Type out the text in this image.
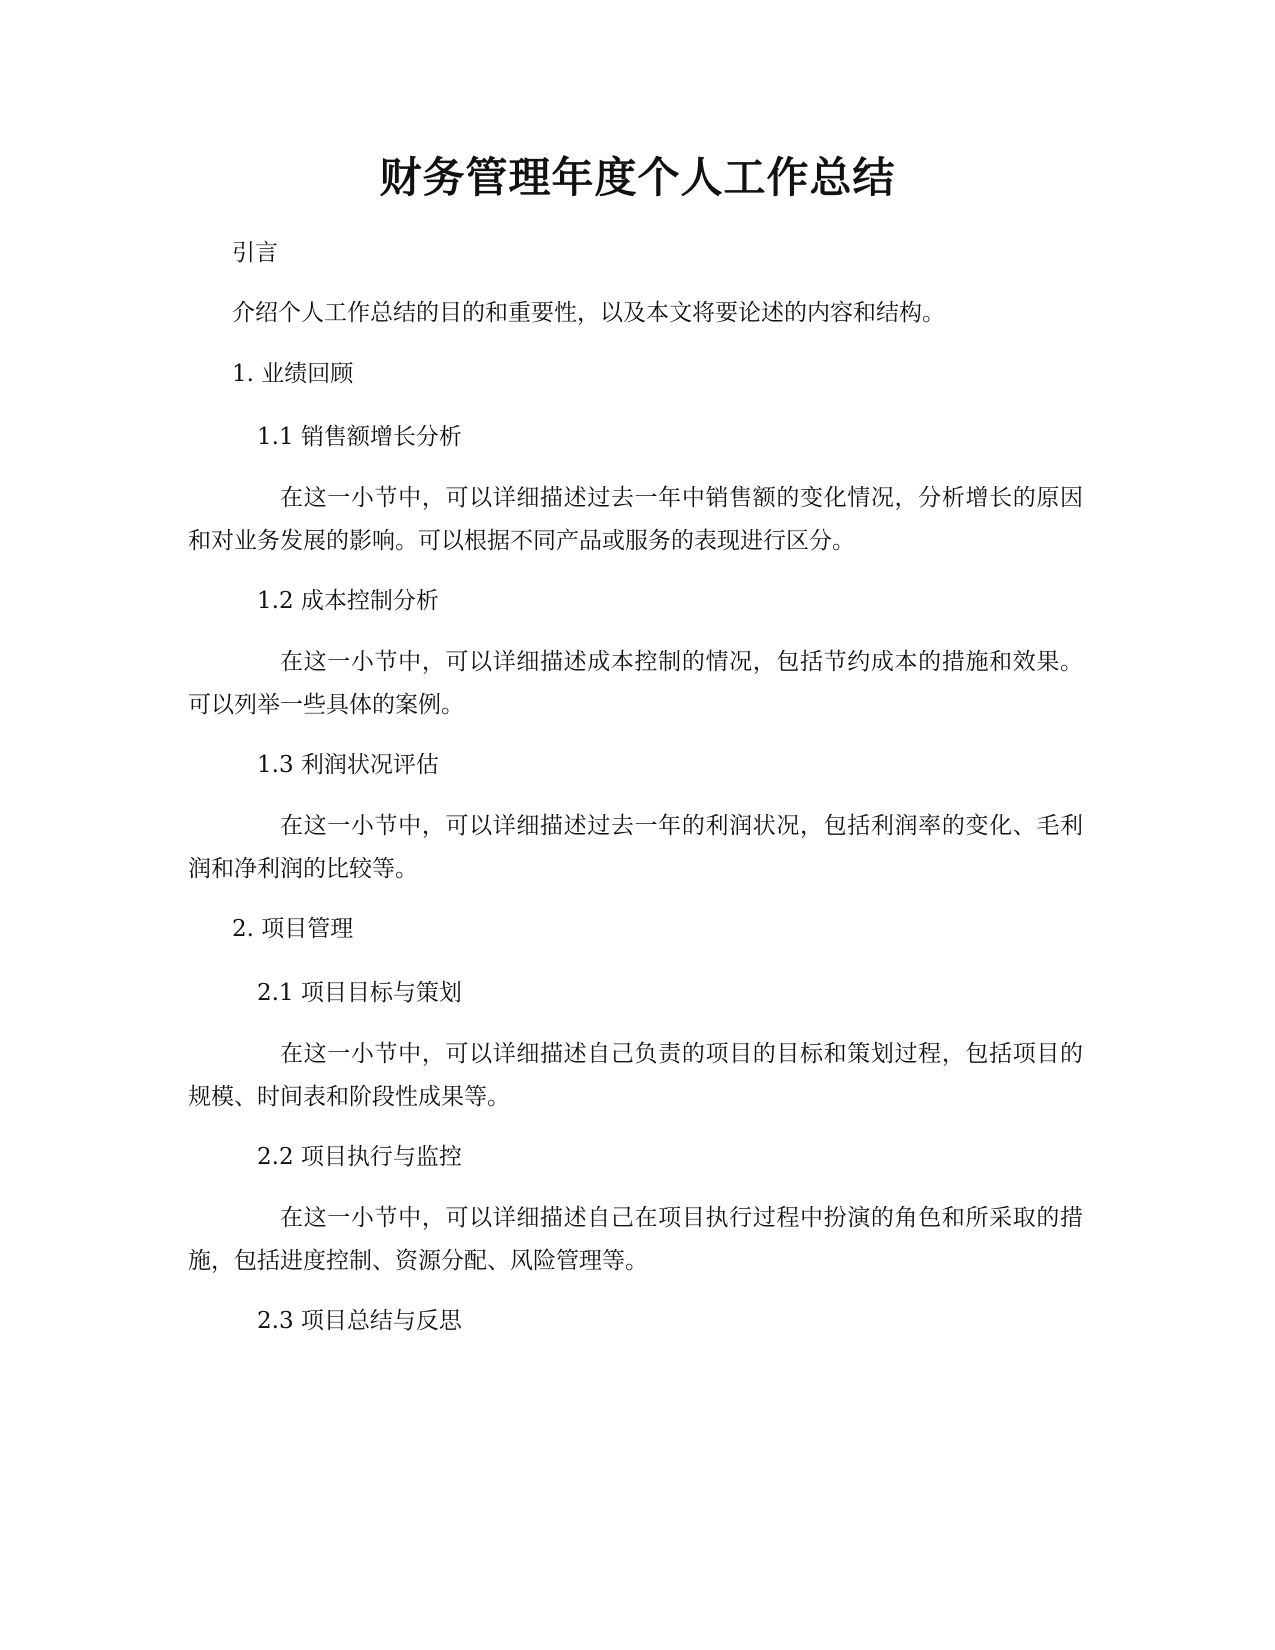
财务管理年度个人工作总结

引言

介绍个人工作总结的目的和重要性，以及本文将要论述的内容和结构。

1. 业绩回顾

1.1 销售额增长分析

在这一小节中，可以详细描述过去一年中销售额的变化情况，分析增长的原因和对业务发展的影响。可以根据不同产品或服务的表现进行区分。

1.2 成本控制分析

在这一小节中，可以详细描述成本控制的情况，包括节约成本的措施和效果。可以列举一些具体的案例。

1.3 利润状况评估

在这一小节中，可以详细描述过去一年的利润状况，包括利润率的变化、毛利润和净利润的比较等。

2. 项目管理

2.1 项目目标与策划

在这一小节中，可以详细描述自己负责的项目的目标和策划过程，包括项目的规模、时间表和阶段性成果等。

2.2 项目执行与监控

在这一小节中，可以详细描述自己在项目执行过程中扮演的角色和所采取的措施，包括进度控制、资源分配、风险管理等。

2.3 项目总结与反思
